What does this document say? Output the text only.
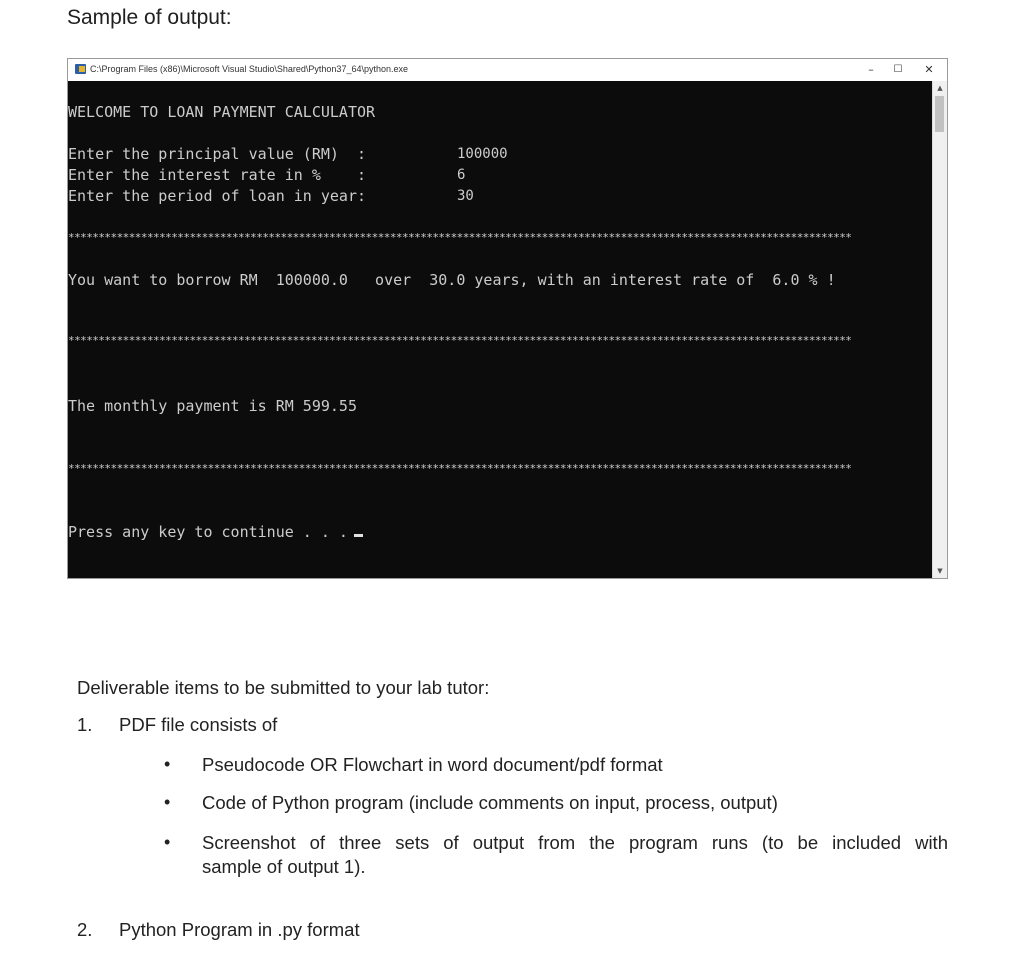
Sample of output:
C:\Program Files (x86)\Microsoft Visual Studio\Shared\Python37_64\python.exe	–	☐	✕

WELCOME TO LOAN PAYMENT CALCULATOR

Enter the principal value (RM)  :	100000

Enter the interest rate in %    :	6

Enter the period of loan in year:	30

*********************************************************************************************************************************

You want to borrow RM  100000.0   over  30.0 years, with an interest rate of  6.0 % !

*********************************************************************************************************************************

The monthly payment is RM 599.55

*********************************************************************************************************************************

Press any key to continue . . .

▲
▼
Deliverable items to be submitted to your lab tutor:
1. PDF file consists of
• Pseudocode OR Flowchart in word document/pdf format
• Code of Python program (include comments on input, process, output)
• Screenshot of three sets of output from the program runs (to be included with
sample of output 1).
2. Python Program in .py format
